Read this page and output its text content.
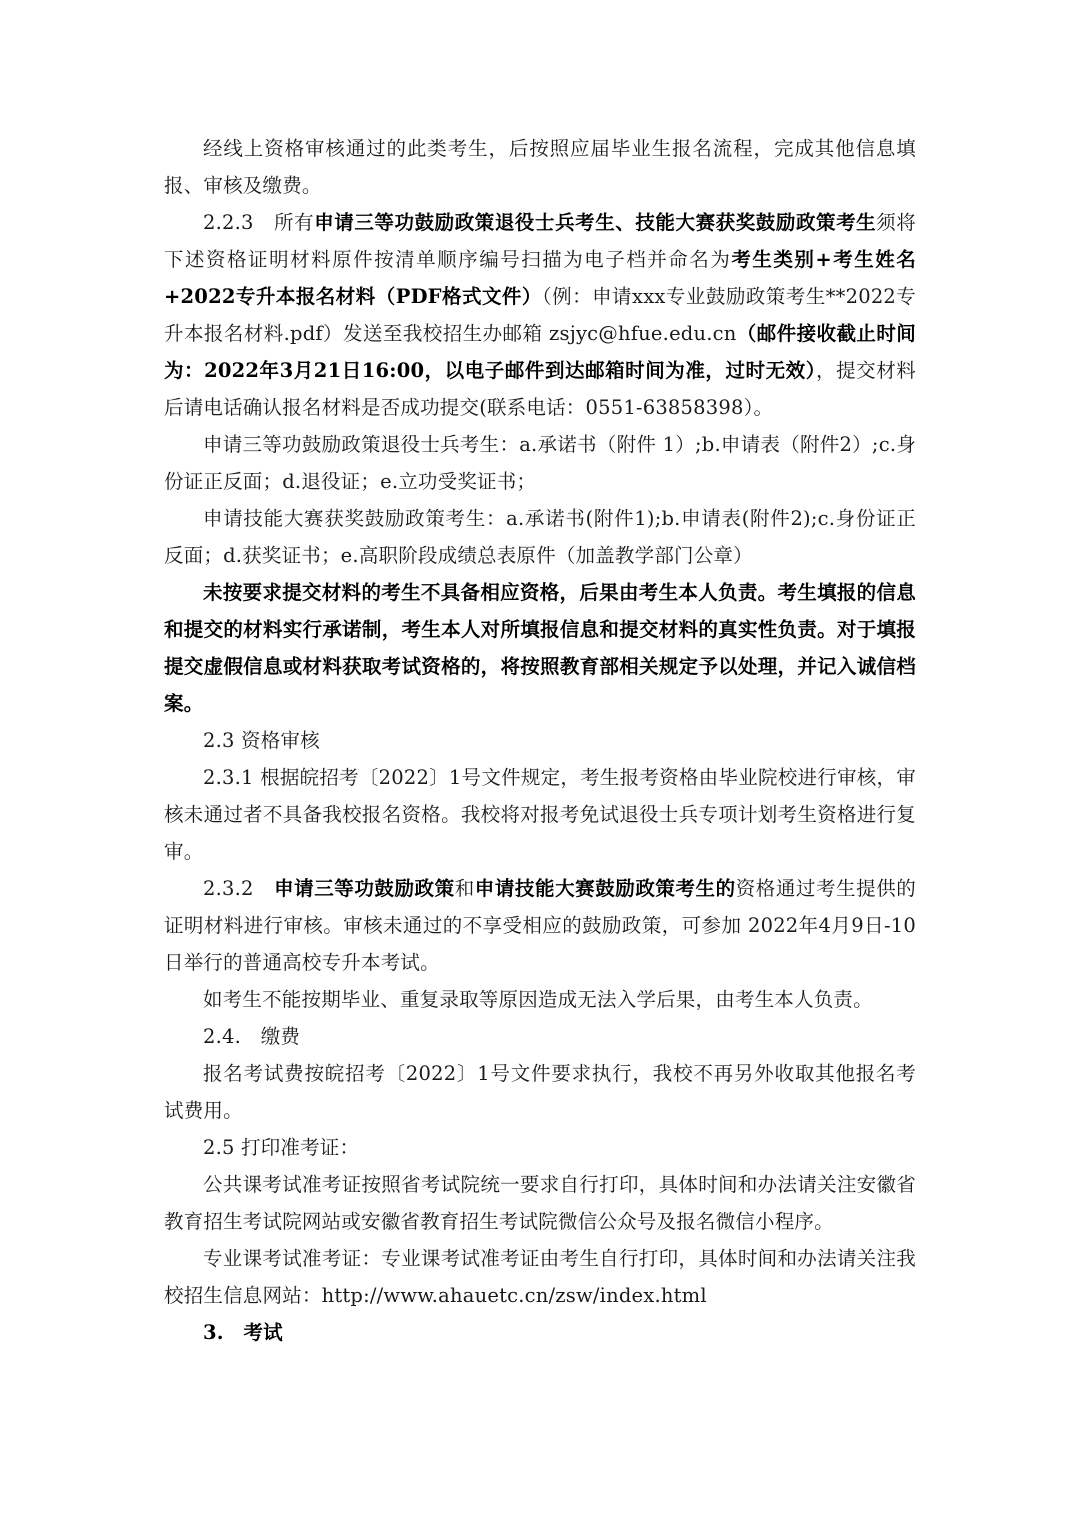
经线上资格审核通过的此类考生，后按照应届毕业生报名流程，完成其他信息填报、审核及缴费。

2.2.3　所有申请三等功鼓励政策退役士兵考生、技能大赛获奖鼓励政策考生须将下述资格证明材料原件按清单顺序编号扫描为电子档并命名为考生类别+考生姓名+2022专升本报名材料（PDF格式文件）（例：申请xxx专业鼓励政策考生**2022专升本报名材料.pdf）发送至我校招生办邮箱 zsjyc@hfue.edu.cn（邮件接收截止时间为：2022年3月21日16:00，以电子邮件到达邮箱时间为准，过时无效），提交材料后请电话确认报名材料是否成功提交(联系电话：0551-63858398）。

申请三等功鼓励政策退役士兵考生：a.承诺书（附件 1）;b.申请表（附件2）;c.身份证正反面；d.退役证；e.立功受奖证书；

申请技能大赛获奖鼓励政策考生：a.承诺书(附件1);b.申请表(附件2);c.身份证正反面；d.获奖证书；e.高职阶段成绩总表原件（加盖教学部门公章）

未按要求提交材料的考生不具备相应资格，后果由考生本人负责。考生填报的信息和提交的材料实行承诺制，考生本人对所填报信息和提交材料的真实性负责。对于填报提交虚假信息或材料获取考试资格的，将按照教育部相关规定予以处理，并记入诚信档案。

2.3 资格审核

2.3.1 根据皖招考〔2022〕1号文件规定，考生报考资格由毕业院校进行审核，审核未通过者不具备我校报名资格。我校将对报考免试退役士兵专项计划考生资格进行复审。

2.3.2　申请三等功鼓励政策和申请技能大赛鼓励政策考生的资格通过考生提供的证明材料进行审核。审核未通过的不享受相应的鼓励政策，可参加 2022年4月9日-10日举行的普通高校专升本考试。

如考生不能按期毕业、重复录取等原因造成无法入学后果，由考生本人负责。

2.4.　缴费

报名考试费按皖招考〔2022〕1号文件要求执行，我校不再另外收取其他报名考试费用。

2.5 打印准考证：

公共课考试准考证按照省考试院统一要求自行打印，具体时间和办法请关注安徽省教育招生考试院网站或安徽省教育招生考试院微信公众号及报名微信小程序。

专业课考试准考证：专业课考试准考证由考生自行打印，具体时间和办法请关注我校招生信息网站：http://www.ahauetc.cn/zsw/index.html

3.　考试
